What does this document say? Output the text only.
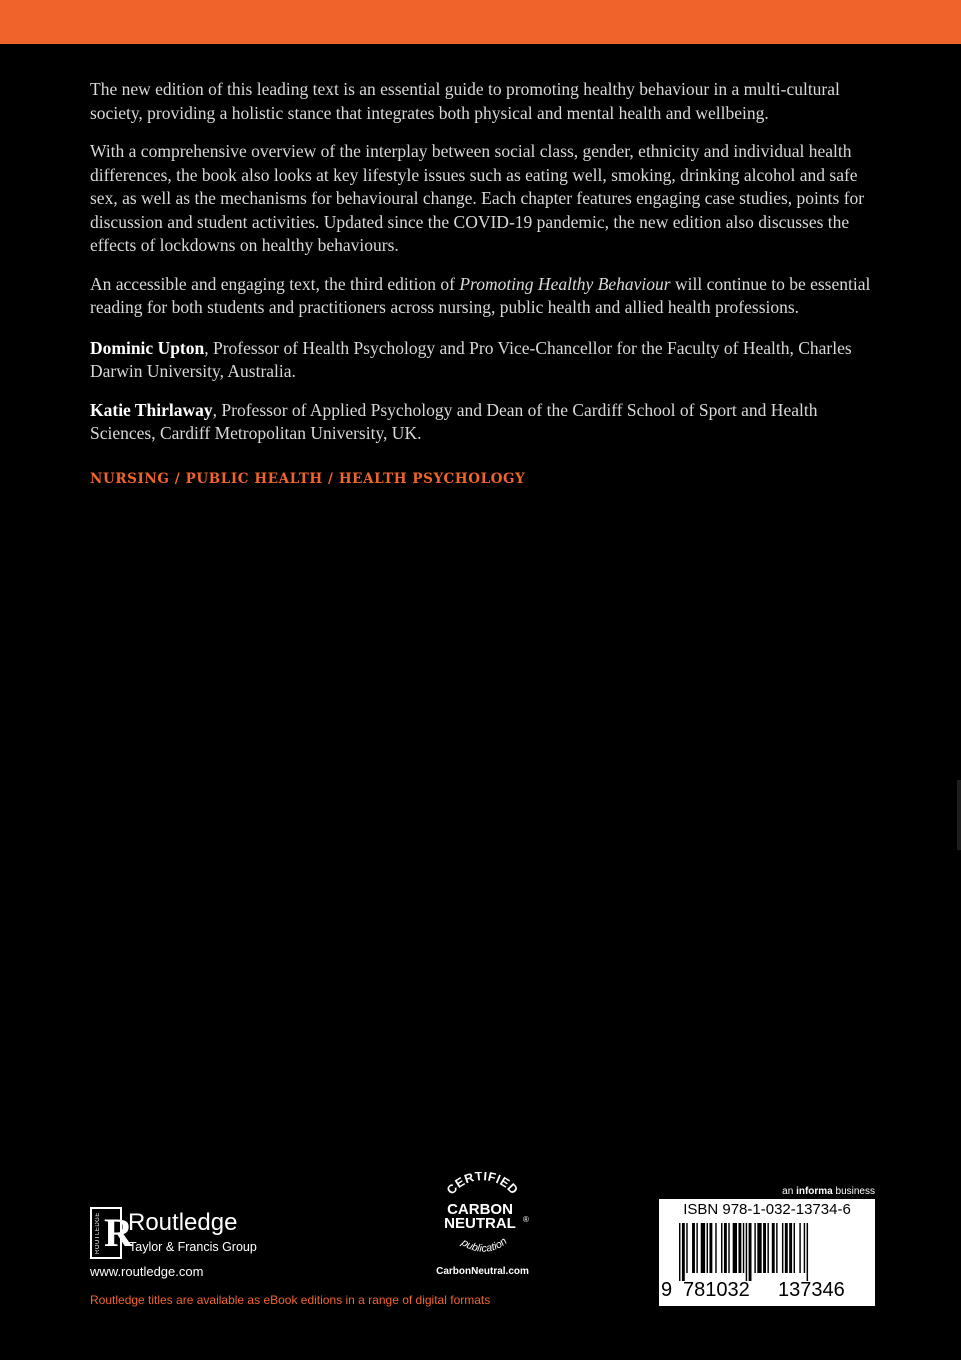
The new edition of this leading text is an essential guide to promoting healthy behaviour in a multi-cultural society, providing a holistic stance that integrates both physical and mental health and wellbeing.

With a comprehensive overview of the interplay between social class, gender, ethnicity and individual health differences, the book also looks at key lifestyle issues such as eating well, smoking, drinking alcohol and safe sex, as well as the mechanisms for behavioural change. Each chapter features engaging case studies, points for discussion and student activities. Updated since the COVID-19 pandemic, the new edition also discusses the effects of lockdowns on healthy behaviours.

An accessible and engaging text, the third edition of Promoting Healthy Behaviour will continue to be essential reading for both students and practitioners across nursing, public health and allied health professions.

Dominic Upton, Professor of Health Psychology and Pro Vice-Chancellor for the Faculty of Health, Charles Darwin University, Australia.

Katie Thirlaway, Professor of Applied Psychology and Dean of the Cardiff School of Sport and Health Sciences, Cardiff Metropolitan University, UK.

NURSING / PUBLIC HEALTH / HEALTH PSYCHOLOGY
ROUTLEDGE R
Routledge
Taylor & Francis Group
www.routledge.com
Routledge titles are available as eBook editions in a range of digital formats
CERTIFIED
CARBON
NEUTRAL ®
publication
CarbonNeutral.com
an informa business
ISBN 978-1-032-13734-6
9 781032 137346
